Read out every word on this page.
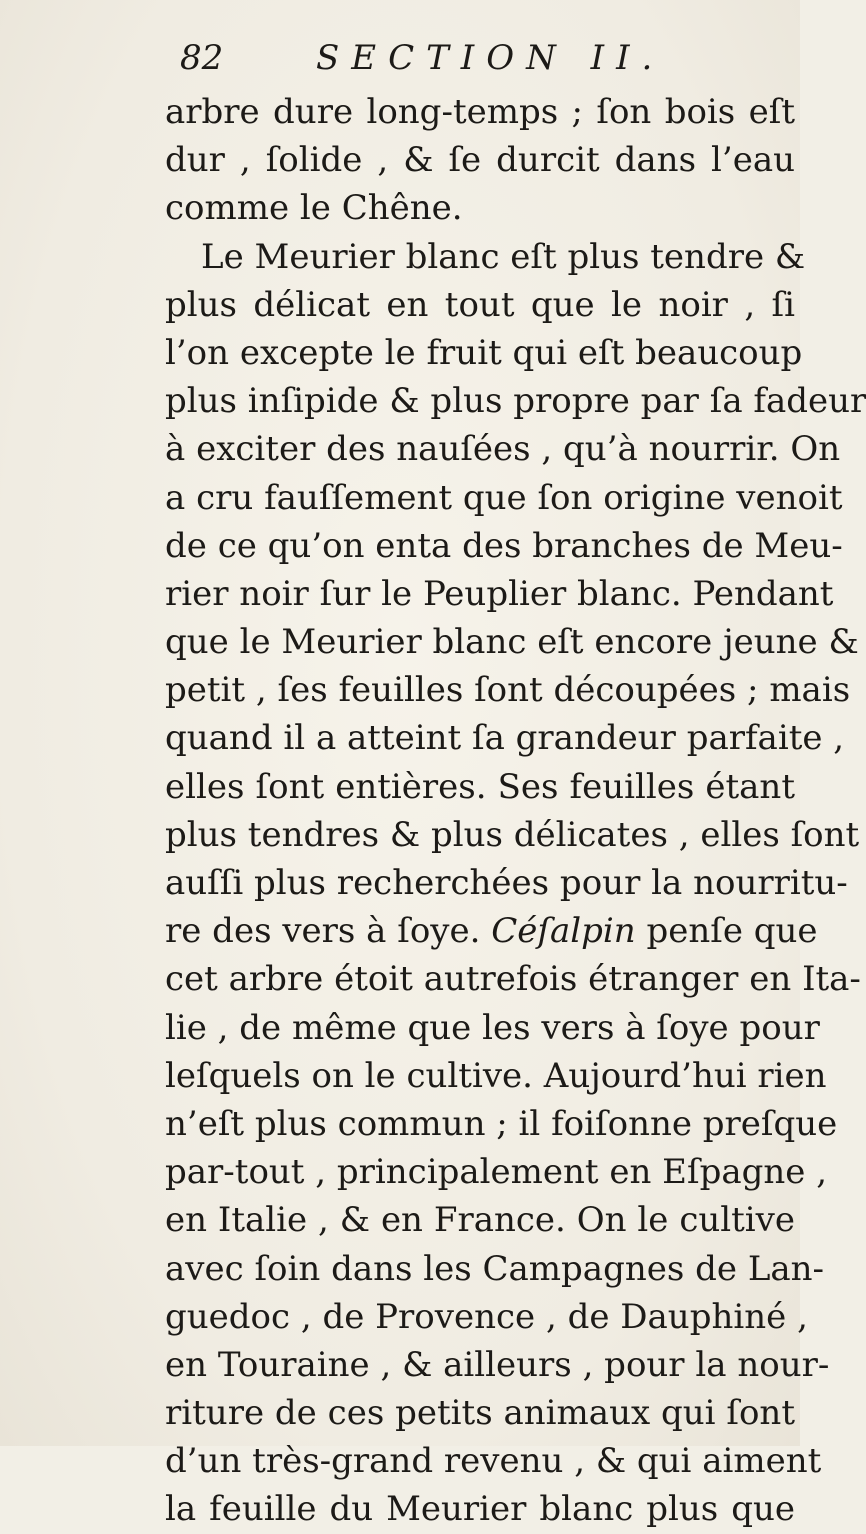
82	SECTION II.
arbre dure long-temps ; ſon bois eſt
dur , ſolide , & ſe durcit dans l’eau
comme le Chêne.
Le Meurier blanc eſt plus tendre &
plus délicat en tout que le noir , ſi
l’on excepte le fruit qui eſt beaucoup
plus inſipide & plus propre par ſa fadeur
à exciter des nauſées , qu’à nourrir. On
a cru fauſſement que ſon origine venoit
de ce qu’on enta des branches de Meu-
rier noir ſur le Peuplier blanc. Pendant
que le Meurier blanc eſt encore jeune &
petit , ſes feuilles ſont découpées ; mais
quand il a atteint ſa grandeur parfaite ,
elles ſont entières. Ses feuilles étant
plus tendres & plus délicates , elles ſont
auſſi plus recherchées pour la nourritu-
re des vers à ſoye. Céſalpin penſe que
cet arbre étoit autrefois étranger en Ita-
lie , de même que les vers à ſoye pour
leſquels on le cultive. Aujourd’hui rien
n’eſt plus commun ; il foiſonne preſque
par-tout , principalement en Eſpagne ,
en Italie , & en France. On le cultive
avec ſoin dans les Campagnes de Lan-
guedoc , de Provence , de Dauphiné ,
en Touraine , & ailleurs , pour la nour-
riture de ces petits animaux qui ſont
d’un très-grand revenu , & qui aiment
la feuille du Meurier blanc plus que
